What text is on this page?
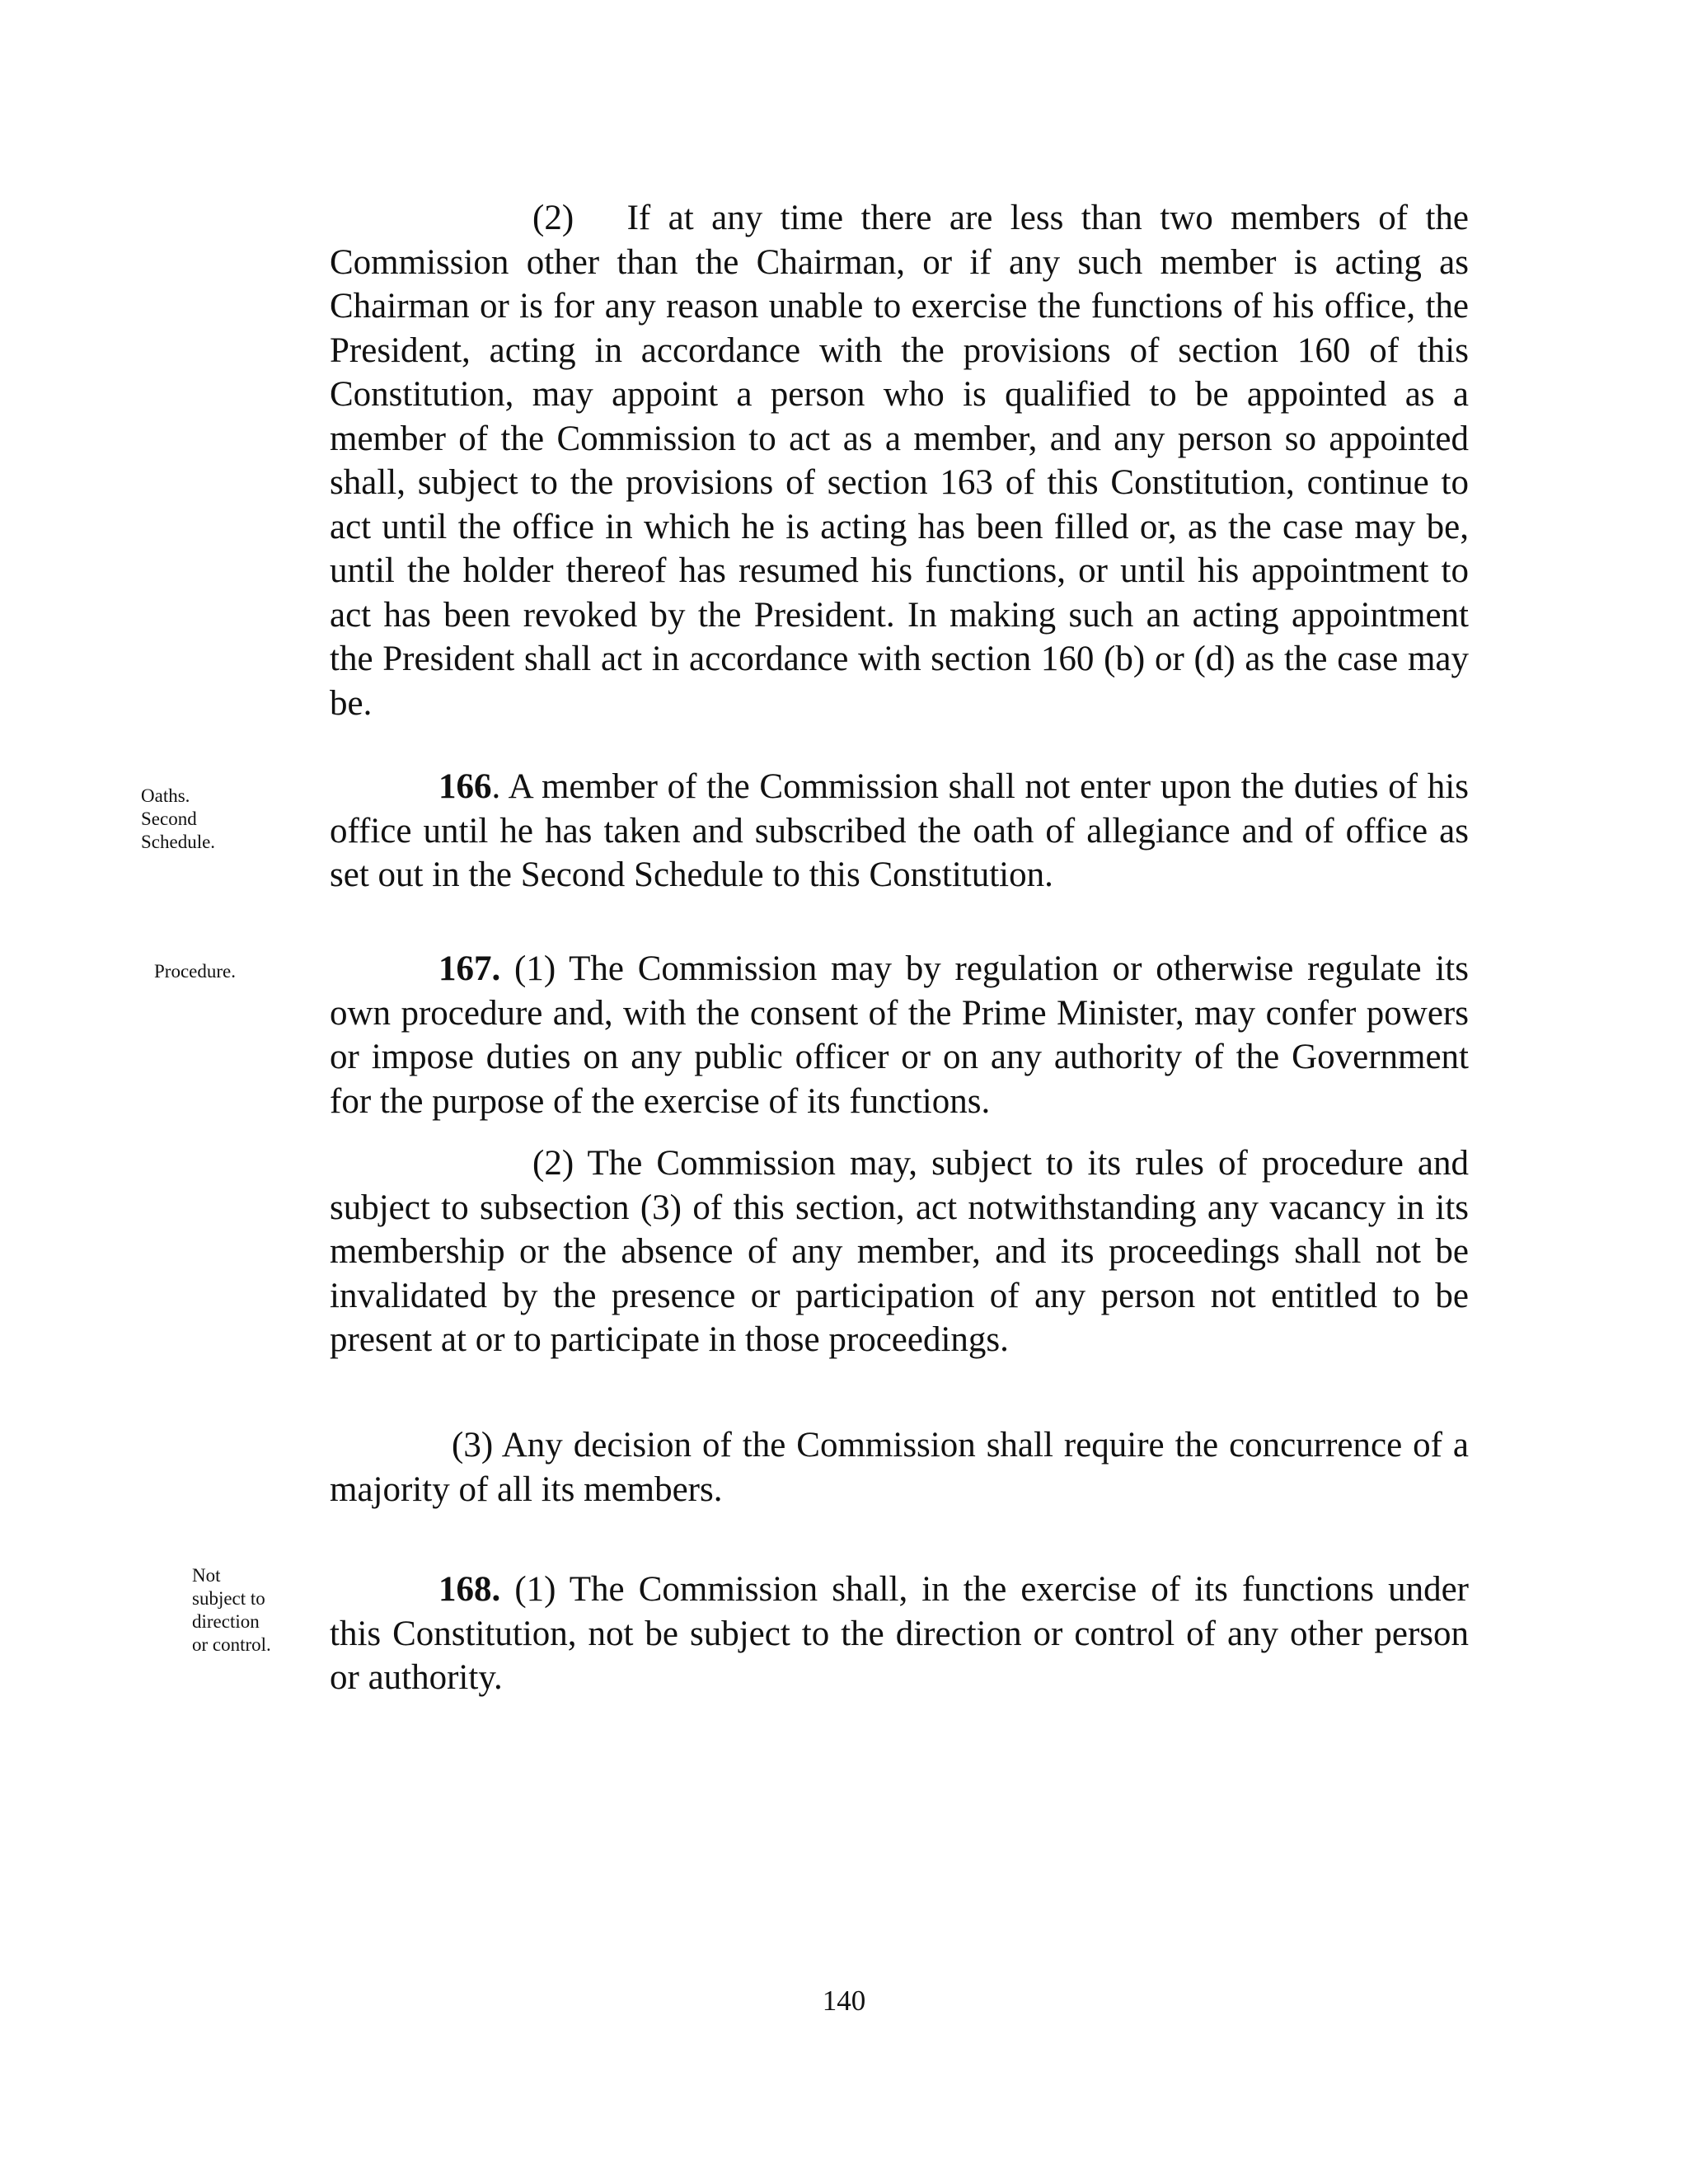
(2)  If at any time there are less than two members of the Commission other than the Chairman, or if any such member is acting as Chairman or is for any reason unable to exercise the functions of his office, the President, acting in accordance with the provisions of section 160 of this Constitution, may appoint a person who is qualified to be appointed as a member of the Commission to act as a member, and any person so appointed shall, subject to the provisions of section 163 of this Constitution, continue to act until the office in which he is acting has been filled or, as the case may be, until the holder thereof has resumed his functions, or until his appointment to act has been revoked by the President. In making such an acting appointment the President shall act in accordance with section 160 (b) or (d) as the case may be.

Oaths.
Second
Schedule.

166. A member of the Commission shall not enter upon the duties of his office until he has taken and subscribed the oath of allegiance and of office as set out in the Second Schedule to this Constitution.

Procedure.	167. (1) The Commission may by regulation or otherwise regulate its own procedure and, with the consent of the Prime Minister, may confer powers or impose duties on any public officer or on any authority of the Government for the purpose of the exercise of its functions.

(2) The Commission may, subject to its rules of procedure and subject to subsection (3) of this section, act notwithstanding any vacancy in its membership or the absence of any member, and its proceedings shall not be invalidated by the presence or participation of any person not entitled to be present at or to participate in those proceedings.

(3) Any decision of the Commission shall require the concurrence of a majority of all its members.

Not
subject to
direction
or control.

168. (1) The Commission shall, in the exercise of its functions under this Constitution, not be subject to the direction or control of any other person or authority.

140
